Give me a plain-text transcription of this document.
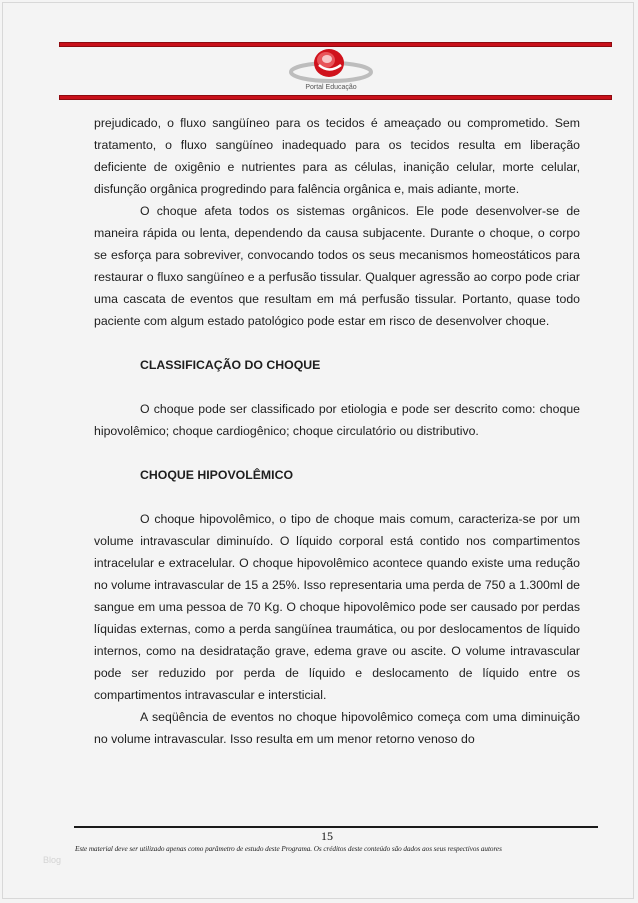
Portal Educação

prejudicado, o fluxo sangüíneo para os tecidos é ameaçado ou comprometido. Sem tratamento, o fluxo sangüíneo inadequado para os tecidos resulta em liberação deficiente de oxigênio e nutrientes para as células, inanição celular, morte celular, disfunção orgânica progredindo para falência orgânica e, mais adiante, morte.

O choque afeta todos os sistemas orgânicos. Ele pode desenvolver-se de maneira rápida ou lenta, dependendo da causa subjacente. Durante o choque, o corpo se esforça para sobreviver, convocando todos os seus mecanismos homeostáticos para restaurar o fluxo sangüíneo e a perfusão tissular. Qualquer agressão ao corpo pode criar uma cascata de eventos que resultam em má perfusão tissular. Portanto, quase todo paciente com algum estado patológico pode estar em risco de desenvolver choque.

CLASSIFICAÇÃO DO CHOQUE

O choque pode ser classificado por etiologia e pode ser descrito como: choque hipovolêmico; choque cardiogênico; choque circulatório ou distributivo.

CHOQUE HIPOVOLÊMICO

O choque hipovolêmico, o tipo de choque mais comum, caracteriza-se por um volume intravascular diminuído. O líquido corporal está contido nos compartimentos intracelular e extracelular. O choque hipovolêmico acontece quando existe uma redução no volume intravascular de 15 a 25%. Isso representaria uma perda de 750 a 1.300ml de sangue em uma pessoa de 70 Kg. O choque hipovolêmico pode ser causado por perdas líquidas externas, como a perda sangüínea traumática, ou por deslocamentos de líquido internos, como na desidratação grave, edema grave ou ascite. O volume intravascular pode ser reduzido por perda de líquido e deslocamento de líquido entre os compartimentos intravascular e intersticial.

A seqüência de eventos no choque hipovolêmico começa com uma diminuição no volume intravascular. Isso resulta em um menor retorno venoso do

15
Este material deve ser utilizado apenas como parâmetro de estudo deste Programa. Os créditos deste conteúdo são dados aos seus respectivos autores
Blog
